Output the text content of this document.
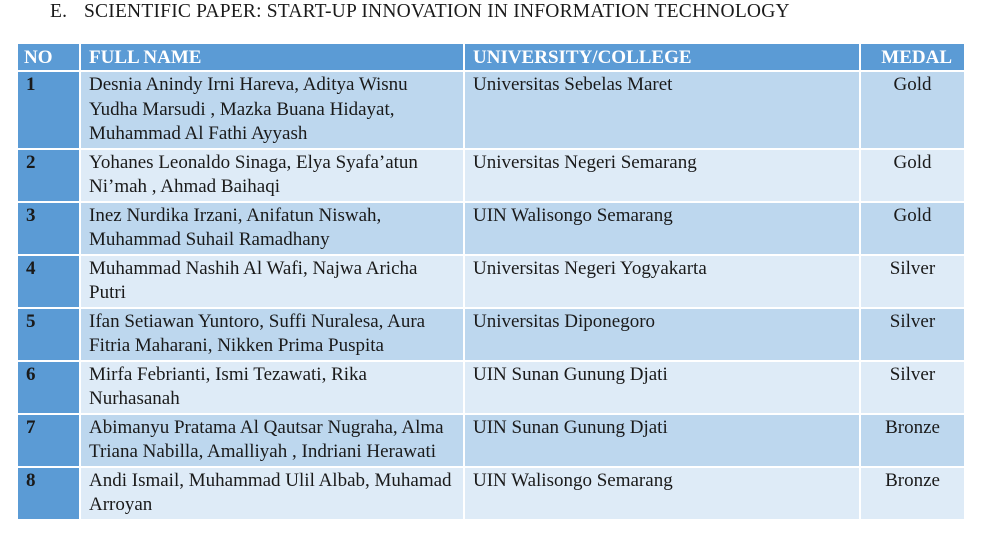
E. SCIENTIFIC PAPER: START-UP INNOVATION IN INFORMATION TECHNOLOGY
NO	FULL NAME	UNIVERSITY/COLLEGE	MEDAL
1	Desnia Anindy Irni Hareva, Aditya Wisnu Yudha Marsudi , Mazka Buana Hidayat, Muhammad Al Fathi Ayyash	Universitas Sebelas Maret	Gold
2	Yohanes Leonaldo Sinaga, Elya Syafa’atun Ni’mah , Ahmad Baihaqi	Universitas Negeri Semarang	Gold
3	Inez Nurdika Irzani, Anifatun Niswah, Muhammad Suhail Ramadhany	UIN Walisongo Semarang	Gold
4	Muhammad Nashih Al Wafi, Najwa Aricha Putri	Universitas Negeri Yogyakarta	Silver
5	Ifan Setiawan Yuntoro, Suffi Nuralesa, Aura Fitria Maharani, Nikken Prima Puspita	Universitas Diponegoro	Silver
6	Mirfa Febrianti, Ismi Tezawati, Rika Nurhasanah	UIN Sunan Gunung Djati	Silver
7	Abimanyu Pratama Al Qautsar Nugraha, Alma Triana Nabilla, Amalliyah , Indriani Herawati	UIN Sunan Gunung Djati	Bronze
8	Andi Ismail, Muhammad Ulil Albab, Muhamad Arroyan	UIN Walisongo Semarang	Bronze
